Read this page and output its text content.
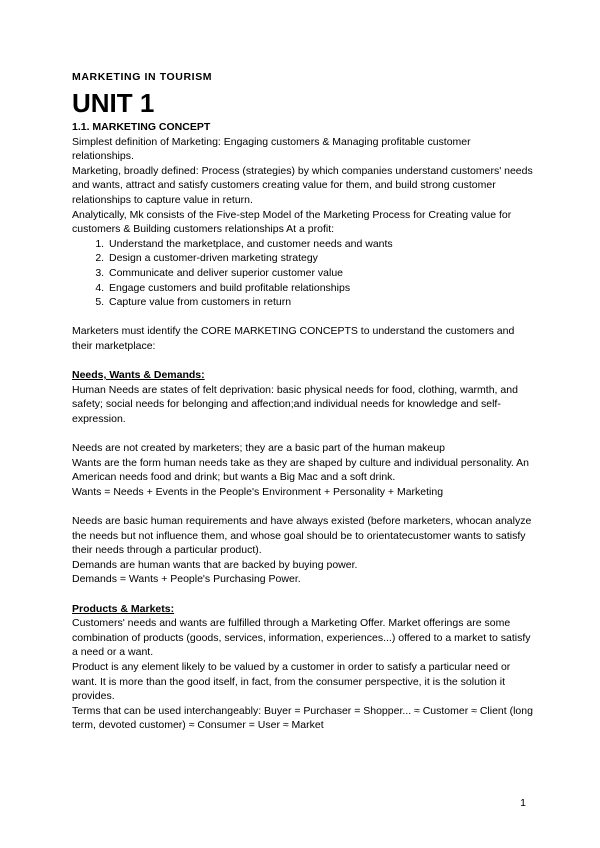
MARKETING IN TOURISM
UNIT 1
1.1. MARKETING CONCEPT

Simplest definition of Marketing: Engaging customers & Managing profitable customer relationships.

Marketing, broadly defined: Process (strategies) by which companies understand customers' needs and wants, attract and satisfy customers creating value for them, and build strong customer relationships to capture value in return.

Analytically, Mk consists of the Five-step Model of the Marketing Process for Creating value for customers & Building customers relationships At a profit:

1. Understand the marketplace, and customer needs and wants
2. Design a customer-driven marketing strategy
3. Communicate and deliver superior customer value
4. Engage customers and build profitable relationships
5. Capture value from customers in return

Marketers must identify the CORE MARKETING CONCEPTS to understand the customers and their marketplace:

Needs, Wants & Demands:

Human Needs are states of felt deprivation: basic physical needs for food, clothing, warmth, and safety; social needs for belonging and affection;and individual needs for knowledge and self-expression.

Needs are not created by marketers; they are a basic part of the human makeup

Wants are the form human needs take as they are shaped by culture and individual personality. An American needs food and drink; but wants a Big Mac and a soft drink.

Wants = Needs + Events in the People's Environment + Personality + Marketing

Needs are basic human requirements and have always existed (before marketers, whocan analyze the needs but not influence them, and whose goal should be to orientatecustomer wants to satisfy their needs through a particular product).

Demands are human wants that are backed by buying power.

Demands = Wants + People's Purchasing Power.

Products & Markets:

Customers' needs and wants are fulfilled through a Marketing Offer. Market offerings are some combination of products (goods, services, information, experiences...) offered to a market to satisfy a need or a want.

Product is any element likely to be valued by a customer in order to satisfy a particular need or want. It is more than the good itself, in fact, from the consumer perspective, it is the solution it provides.

Terms that can be used interchangeably: Buyer = Purchaser = Shopper... ≈ Customer ≈ Client (long term, devoted customer) ≈ Consumer = User ≈ Market

1
